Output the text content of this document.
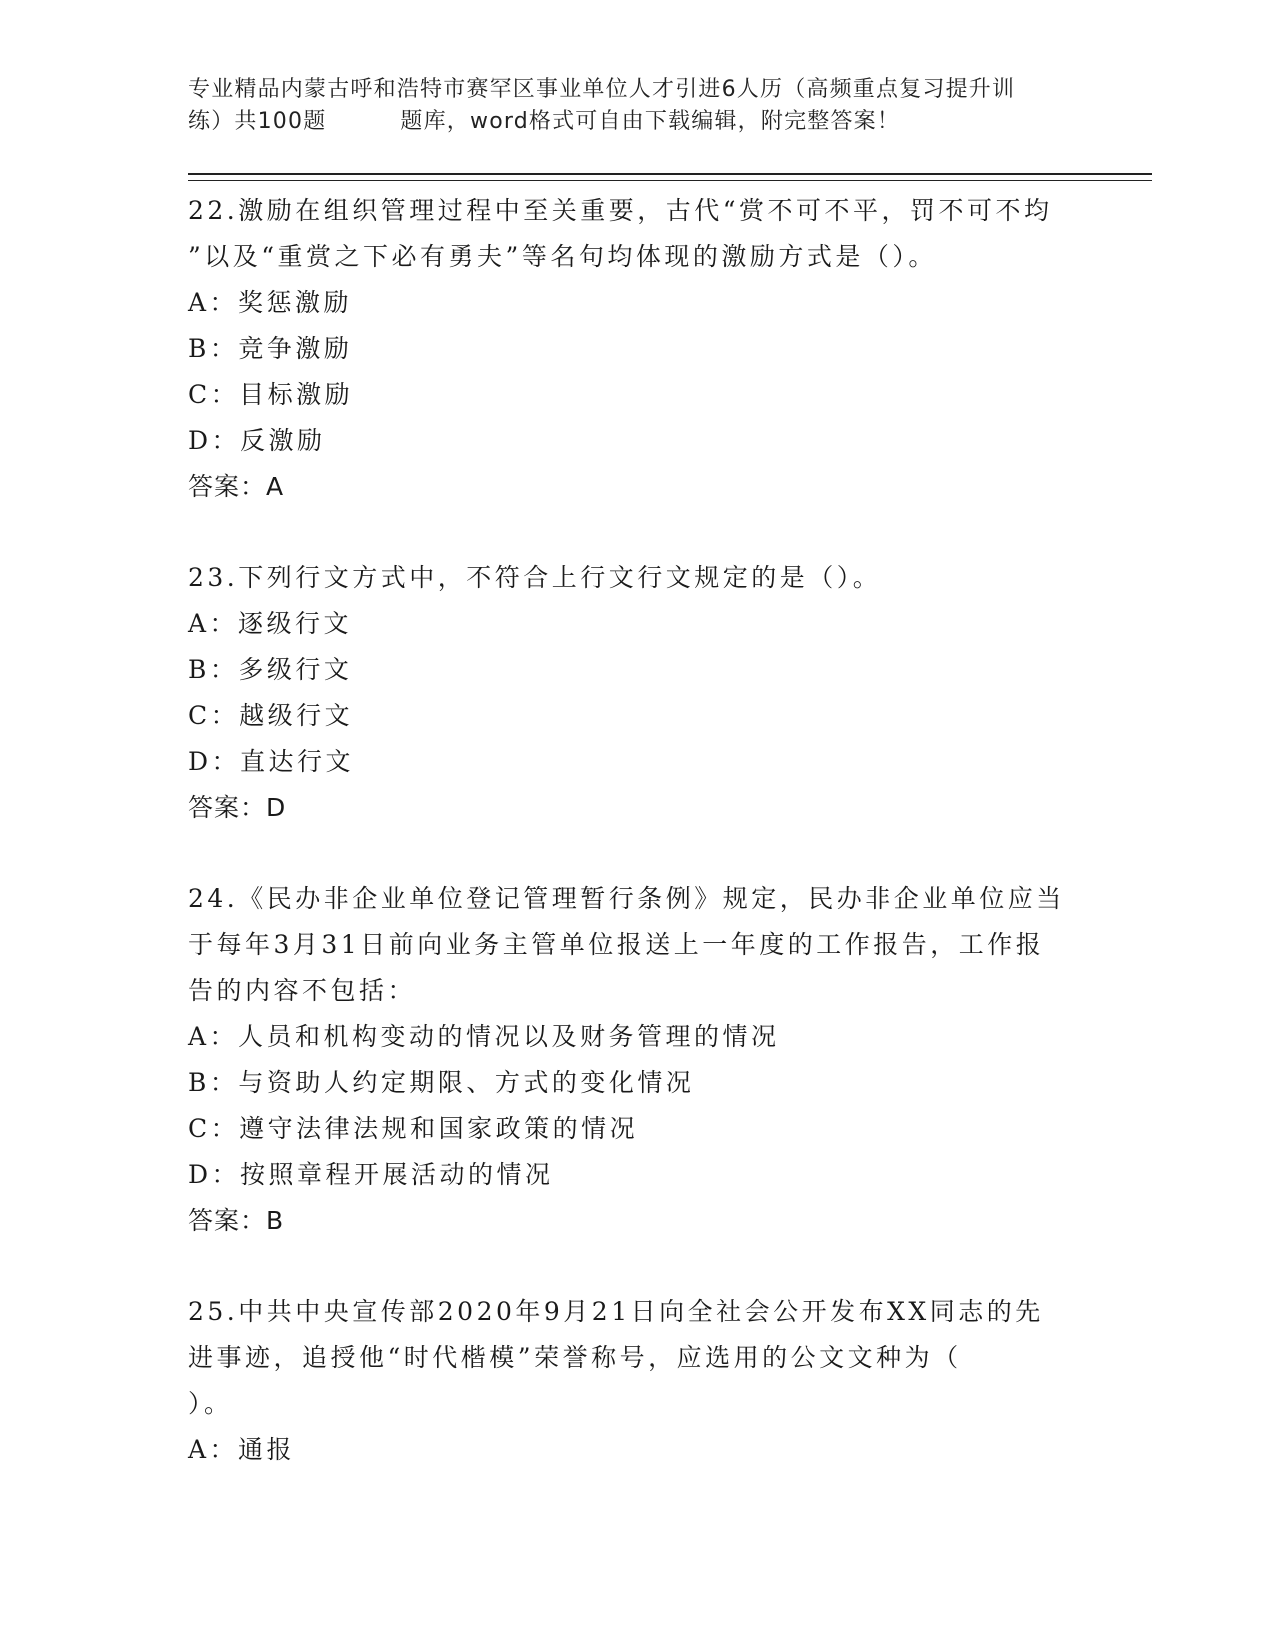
专业精品内蒙古呼和浩特市赛罕区事业单位人才引进6人历（高频重点复习提升训
练）共100题	题库，word格式可自由下载编辑，附完整答案！
22.激励在组织管理过程中至关重要，古代“赏不可不平，罚不可不均
”以及“重赏之下必有勇夫”等名句均体现的激励方式是（）。
A：奖惩激励
B：竞争激励
C：目标激励
D：反激励
答案：A
23.下列行文方式中，不符合上行文行文规定的是（）。
A：逐级行文
B：多级行文
C：越级行文
D：直达行文
答案：D
24.《民办非企业单位登记管理暂行条例》规定，民办非企业单位应当
于每年3月31日前向业务主管单位报送上一年度的工作报告，工作报
告的内容不包括：
A：人员和机构变动的情况以及财务管理的情况
B：与资助人约定期限、方式的变化情况
C：遵守法律法规和国家政策的情况
D：按照章程开展活动的情况
答案：B
25.中共中央宣传部2020年9月21日向全社会公开发布XX同志的先
进事迹，追授他“时代楷模”荣誉称号，应选用的公文文种为（
）。
A：通报
